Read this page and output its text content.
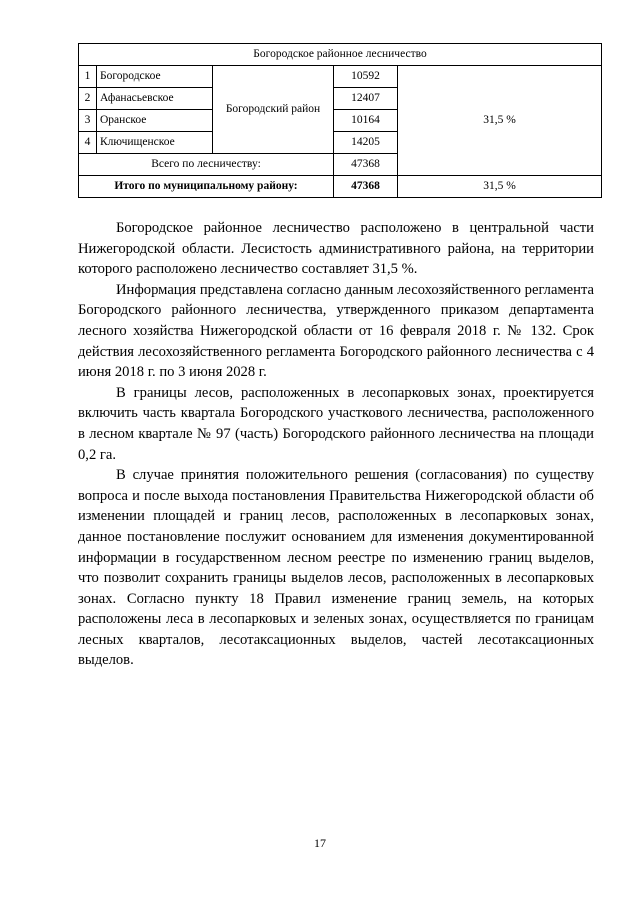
Богородское районное лесничество				
1	Богородское	Богородский район	10592	31,5 %
2	Афанасьевское		12407	
3	Оранское		10164	
4	Ключищенское		14205	
Всего по лесничеству:			47368	
Итого по муниципальному району:			47368	31,5 %

Богородское районное лесничество расположено в центральной части Нижегородской области. Лесистость административного района, на территории которого расположено лесничество составляет 31,5 %.

Информация представлена согласно данным лесохозяйственного регламента Богородского районного лесничества, утвержденного приказом департамента лесного хозяйства Нижегородской области от 16 февраля 2018 г. № 132. Срок действия лесохозяйственного регламента Богородского районного лесничества с 4 июня 2018 г. по 3 июня 2028 г.

В границы лесов, расположенных в лесопарковых зонах, проектируется включить часть квартала Богородского участкового лесничества, расположенного в лесном квартале № 97 (часть) Богородского районного лесничества на площади 0,2 га.

В случае принятия положительного решения (согласования) по существу вопроса и после выхода постановления Правительства Нижегородской области об изменении площадей и границ лесов, расположенных в лесопарковых зонах, данное постановление послужит основанием для изменения документированной информации в государственном лесном реестре по изменению границ выделов, что позволит сохранить границы выделов лесов, расположенных в лесопарковых зонах. Согласно пункту 18 Правил изменение границ земель, на которых расположены леса в лесопарковых и зеленых зонах, осуществляется по границам лесных кварталов, лесотаксационных выделов, частей лесотаксационных выделов.

17
